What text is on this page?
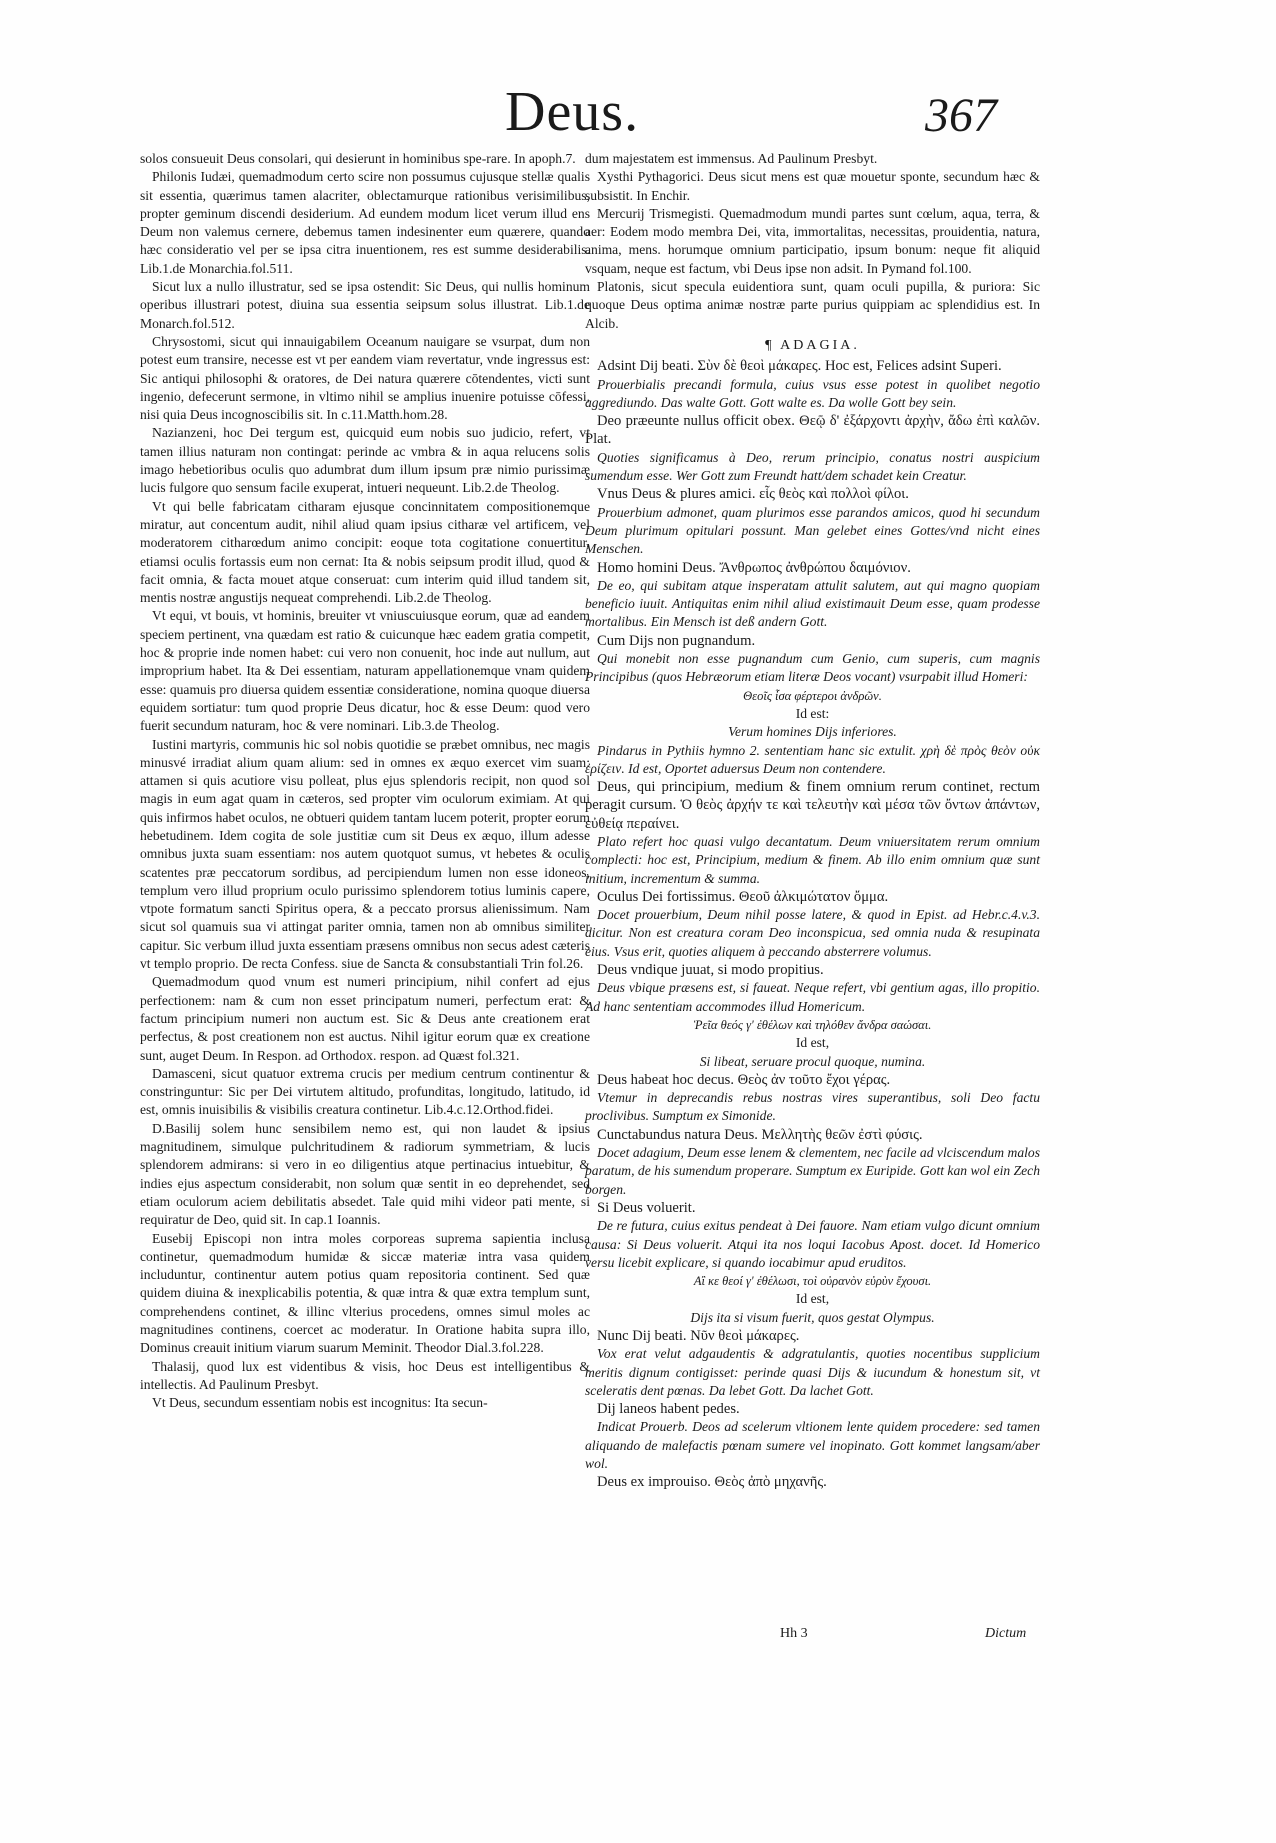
Deus.	367

solos consueuit Deus consolari, qui desierunt in hominibus spe-rare. In apoph.7.

Philonis Iudæi, quemadmodum certo scire non possumus cujusque stellæ qualis sit essentia, quærimus tamen alacriter, oblectamurque rationibus verisimilibus, propter geminum discendi desiderium. Ad eundem modum licet verum illud ens Deum non valemus cernere, debemus tamen indesinenter eum quærere, quando hæc consideratio vel per se ipsa citra inuentionem, res est summe desiderabilis. Lib.1.de Monarchia.fol.511.

Sicut lux a nullo illustratur, sed se ipsa ostendit: Sic Deus, qui nullis hominum operibus illustrari potest, diuina sua essentia seipsum solus illustrat. Lib.1.de Monarch.fol.512.

Chrysostomi, sicut qui innauigabilem Oceanum nauigare se vsurpat, dum non potest eum transire, necesse est vt per eandem viam revertatur, vnde ingressus est: Sic antiqui philosophi & oratores, de Dei natura quærere cōtendentes, victi sunt ingenio, defecerunt sermone, in vltimo nihil se amplius inuenire potuisse cōfessi, nisi quia Deus incognoscibilis sit. In c.11.Matth.hom.28.

Nazianzeni, hoc Dei tergum est, quicquid eum nobis suo judicio, refert, vt tamen illius naturam non contingat: perinde ac vmbra & in aqua relucens solis imago hebetioribus oculis quo adumbrat dum illum ipsum præ nimio purissimæ lucis fulgore quo sensum facile exuperat, intueri nequeunt. Lib.2.de Theolog.

Vt qui belle fabricatam citharam ejusque concinnitatem compositionemque miratur, aut concentum audit, nihil aliud quam ipsius citharæ vel artificem, vel moderatorem citharœdum animo concipit: eoque tota cogitatione conuertitur, etiamsi oculis fortassis eum non cernat: Ita & nobis seipsum prodit illud, quod & facit omnia, & facta mouet atque conseruat: cum interim quid illud tandem sit, mentis nostræ angustijs nequeat comprehendi. Lib.2.de Theolog.

Vt equi, vt bouis, vt hominis, breuiter vt vniuscuiusque eorum, quæ ad eandem speciem pertinent, vna quædam est ratio & cuicunque hæc eadem gratia competit, hoc & proprie inde nomen habet: cui vero non conuenit, hoc inde aut nullum, aut improprium habet. Ita & Dei essentiam, naturam appellationemque vnam quidem esse: quamuis pro diuersa quidem essentiæ consideratione, nomina quoque diuersa equidem sortiatur: tum quod proprie Deus dicatur, hoc & esse Deum: quod vero fuerit secundum naturam, hoc & vere nominari. Lib.3.de Theolog.

Iustini martyris, communis hic sol nobis quotidie se præbet omnibus, nec magis minusvé irradiat alium quam alium: sed in omnes ex æquo exercet vim suam: attamen si quis acutiore visu polleat, plus ejus splendoris recipit, non quod sol magis in eum agat quam in cæteros, sed propter vim oculorum eximiam. At qui quis infirmos habet oculos, ne obtueri quidem tantam lucem poterit, propter eorum hebetudinem. Idem cogita de sole justitiæ cum sit Deus ex æquo, illum adesse omnibus juxta suam essentiam: nos autem quotquot sumus, vt hebetes & oculis scatentes præ peccatorum sordibus, ad percipiendum lumen non esse idoneos, templum vero illud proprium oculo purissimo splendorem totius luminis capere, vtpote formatum sancti Spiritus opera, & a peccato prorsus alienissimum. Nam sicut sol quamuis sua vi attingat pariter omnia, tamen non ab omnibus similiter capitur. Sic verbum illud juxta essentiam præsens omnibus non secus adest cæteris vt templo proprio. De recta Confess. siue de Sancta & consubstantiali Trin fol.26.

Quemadmodum quod vnum est numeri principium, nihil confert ad ejus perfectionem: nam & cum non esset principatum numeri, perfectum erat: & factum principium numeri non auctum est. Sic & Deus ante creationem erat perfectus, & post creationem non est auctus. Nihil igitur eorum quæ ex creatione sunt, auget Deum. In Respon. ad Orthodox. respon. ad Quæst fol.321.

Damasceni, sicut quatuor extrema crucis per medium centrum continentur & constringuntur: Sic per Dei virtutem altitudo, profunditas, longitudo, latitudo, id est, omnis inuisibilis & visibilis creatura continetur. Lib.4.c.12.Orthod.fidei.

D.Basilij solem hunc sensibilem nemo est, qui non laudet & ipsius magnitudinem, simulque pulchritudinem & radiorum symmetriam, & lucis splendorem admirans: si vero in eo diligentius atque pertinacius intuebitur, & indies ejus aspectum considerabit, non solum quæ sentit in eo deprehendet, sed etiam oculorum aciem debilitatis absedet. Tale quid mihi videor pati mente, si requiratur de Deo, quid sit. In cap.1 Ioannis.

Eusebij Episcopi non intra moles corporeas suprema sapientia inclusa continetur, quemadmodum humidæ & siccæ materiæ intra vasa quidem includuntur, continentur autem potius quam repositoria continent. Sed quæ quidem diuina & inexplicabilis potentia, & quæ intra & quæ extra templum sunt, comprehendens continet, & illinc vlterius procedens, omnes simul moles ac magnitudines continens, coercet ac moderatur. In Oratione habita supra illo, Dominus creauit initium viarum suarum Meminit. Theodor Dial.3.fol.228.

Thalasij, quod lux est videntibus & visis, hoc Deus est intelligentibus & intellectis. Ad Paulinum Presbyt.

Vt Deus, secundum essentiam nobis est incognitus: Ita secun-

dum majestatem est immensus. Ad Paulinum Presbyt.

Xysthi Pythagorici. Deus sicut mens est quæ mouetur sponte, secundum hæc & subsistit. In Enchir.

Mercurij Trismegisti. Quemadmodum mundi partes sunt cœlum, aqua, terra, & aer: Eodem modo membra Dei, vita, immortalitas, necessitas, prouidentia, natura, anima, mens. horumque omnium participatio, ipsum bonum: neque fit aliquid vsquam, neque est factum, vbi Deus ipse non adsit. In Pymand fol.100.

Platonis, sicut specula euidentiora sunt, quam oculi pupilla, & puriora: Sic quoque Deus optima animæ nostræ parte purius quippiam ac splendidius est. In Alcib.

¶ ADAGIA.

Adsint Dij beati. Σὺν δὲ θεοὶ μάκαρες. Hoc est, Felices adsint Superi.

Prouerbialis precandi formula, cuius vsus esse potest in quolibet negotio aggrediundo. Das walte Gott. Gott walte es. Da wolle Gott bey sein.

Deo præeunte nullus officit obex. Θεῷ δ' ἐξάρχοντι ἀρχὴν, ἄδω ἐπὶ καλῶν. Plat.

Quoties significamus à Deo, rerum principio, conatus nostri auspicium sumendum esse. Wer Gott zum Freundt hatt/dem schadet kein Creatur.

Vnus Deus & plures amici. εἷς θεὸς καὶ πολλοὶ φίλοι.

Prouerbium admonet, quam plurimos esse parandos amicos, quod hi secundum Deum plurimum opitulari possunt. Man gelebet eines Gottes/vnd nicht eines Menschen.

Homo homini Deus. Ἄνθρωπος ἀνθρώπου δαιμόνιον.

De eo, qui subitam atque insperatam attulit salutem, aut qui magno quopiam beneficio iuuit. Antiquitas enim nihil aliud existimauit Deum esse, quam prodesse mortalibus. Ein Mensch ist deß andern Gott.

Cum Dijs non pugnandum.

Qui monebit non esse pugnandum cum Genio, cum superis, cum magnis Principibus (quos Hebræorum etiam literæ Deos vocant) vsurpabit illud Homeri:

Θεοῖς ἶσα φέρτεροι ἀνδρῶν.

Id est:

Verum homines Dijs inferiores.

Pindarus in Pythiis hymno 2. sententiam hanc sic extulit. χρὴ δὲ πρὸς θεὸν οὐκ ἐρίζειν. Id est, Oportet aduersus Deum non contendere.

Deus, qui principium, medium & finem omnium rerum continet, rectum peragit cursum. Ὁ θεὸς ἀρχήν τε καὶ τελευτὴν καὶ μέσα τῶν ὄντων ἁπάντων, εὐθείᾳ περαίνει.

Plato refert hoc quasi vulgo decantatum. Deum vniuersitatem rerum omnium complecti: hoc est, Principium, medium & finem. Ab illo enim omnium quæ sunt initium, incrementum & summa.

Oculus Dei fortissimus. Θεοῦ ἀλκιμώτατον ὄμμα.

Docet prouerbium, Deum nihil posse latere, & quod in Epist. ad Hebr.c.4.v.3. dicitur. Non est creatura coram Deo inconspicua, sed omnia nuda & resupinata eius. Vsus erit, quoties aliquem à peccando absterrere volumus.

Deus vndique juuat, si modo propitius.

Deus vbique præsens est, si faueat. Neque refert, vbi gentium agas, illo propitio. Ad hanc sententiam accommodes illud Homericum.

Ῥεῖα θεός γ' ἐθέλων καὶ τηλόθεν ἄνδρα σαώσαι.

Id est,

Si libeat, seruare procul quoque, numina.

Deus habeat hoc decus. Θεὸς ἀν τοῦτο ἔχοι γέρας.

Vtemur in deprecandis rebus nostras vires superantibus, soli Deo factu proclivibus. Sumptum ex Simonide.

Cunctabundus natura Deus. Μελλητὴς θεῶν ἐστὶ φύσις.

Docet adagium, Deum esse lenem & clementem, nec facile ad vlciscendum malos paratum, de his sumendum properare. Sumptum ex Euripide. Gott kan wol ein Zech borgen.

Si Deus voluerit.

De re futura, cuius exitus pendeat à Dei fauore. Nam etiam vulgo dicunt omnium causa: Si Deus voluerit. Atqui ita nos loqui Iacobus Apost. docet. Id Homerico versu licebit explicare, si quando iocabimur apud eruditos.

Αἲ κε θεοί γ' ἐθέλωσι, τοὶ οὐρανὸν εὐρὺν ἔχουσι.

Id est,

Dijs ita si visum fuerit, quos gestat Olympus.

Nunc Dij beati. Νῦν θεοὶ μάκαρες.

Vox erat velut adgaudentis & adgratulantis, quoties nocentibus supplicium meritis dignum contigisset: perinde quasi Dijs & iucundum & honestum sit, vt sceleratis dent pœnas. Da lebet Gott. Da lachet Gott.

Dij laneos habent pedes.

Indicat Prouerb. Deos ad scelerum vltionem lente quidem procedere: sed tamen aliquando de malefactis pœnam sumere vel inopinato. Gott kommet langsam/aber wol.

Deus ex improuiso. Θεὸς ἀπὸ μηχανῆς.

Hh 3	Dictum
